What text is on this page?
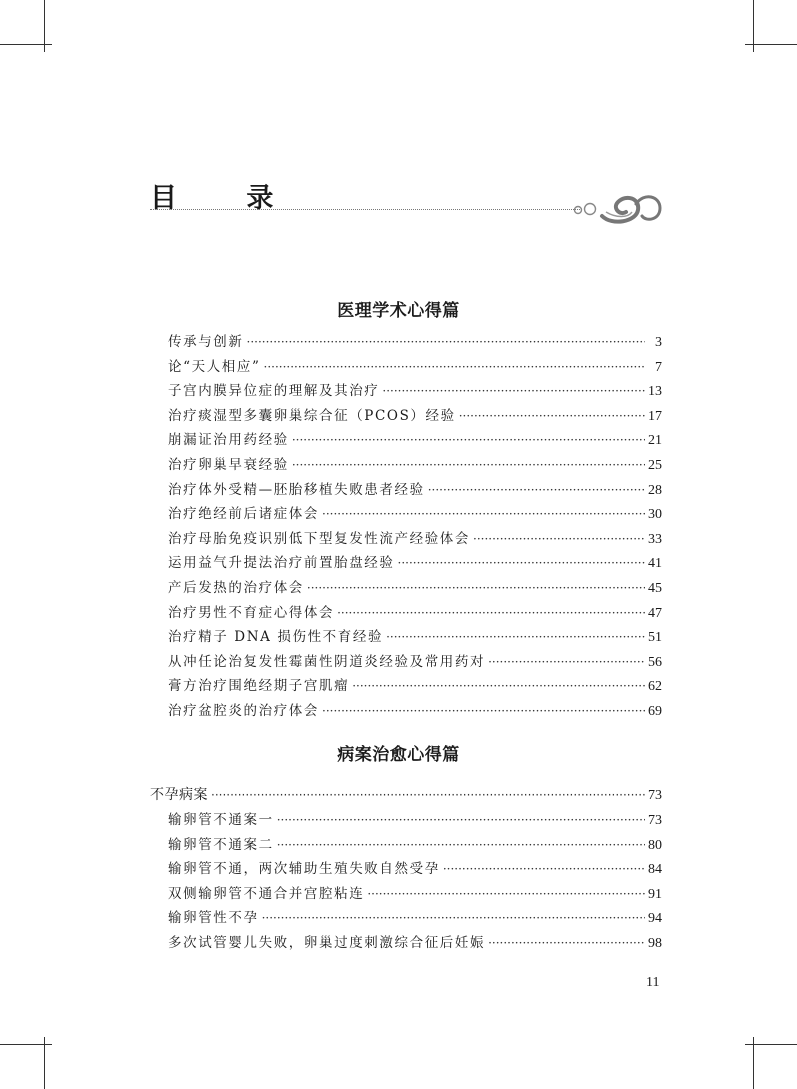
目 录
医理学术心得篇
传承与创新 ·····	3
论“天人相应” ·····	7
子宫内膜异位症的理解及其治疗 ·····	13
治疗痰湿型多囊卵巢综合征（PCOS）经验 ·····	17
崩漏证治用药经验 ·····	21
治疗卵巢早衰经验 ·····	25
治疗体外受精—胚胎移植失败患者经验 ·····	28
治疗绝经前后诸症体会 ·····	30
治疗母胎免疫识别低下型复发性流产经验体会 ·····	33
运用益气升提法治疗前置胎盘经验 ·····	41
产后发热的治疗体会 ·····	45
治疗男性不育症心得体会 ·····	47
治疗精子 DNA 损伤性不育经验 ·····	51
从冲任论治复发性霉菌性阴道炎经验及常用药对 ·····	56
膏方治疗围绝经期子宫肌瘤 ·····	62
治疗盆腔炎的治疗体会 ·····	69
病案治愈心得篇
不孕病案 ·····	73
输卵管不通案一 ·····	73
输卵管不通案二 ·····	80
输卵管不通，两次辅助生殖失败自然受孕 ·····	84
双侧输卵管不通合并宫腔粘连 ·····	91
输卵管性不孕 ·····	94
多次试管婴儿失败，卵巢过度刺激综合征后妊娠 ·····	98
11
